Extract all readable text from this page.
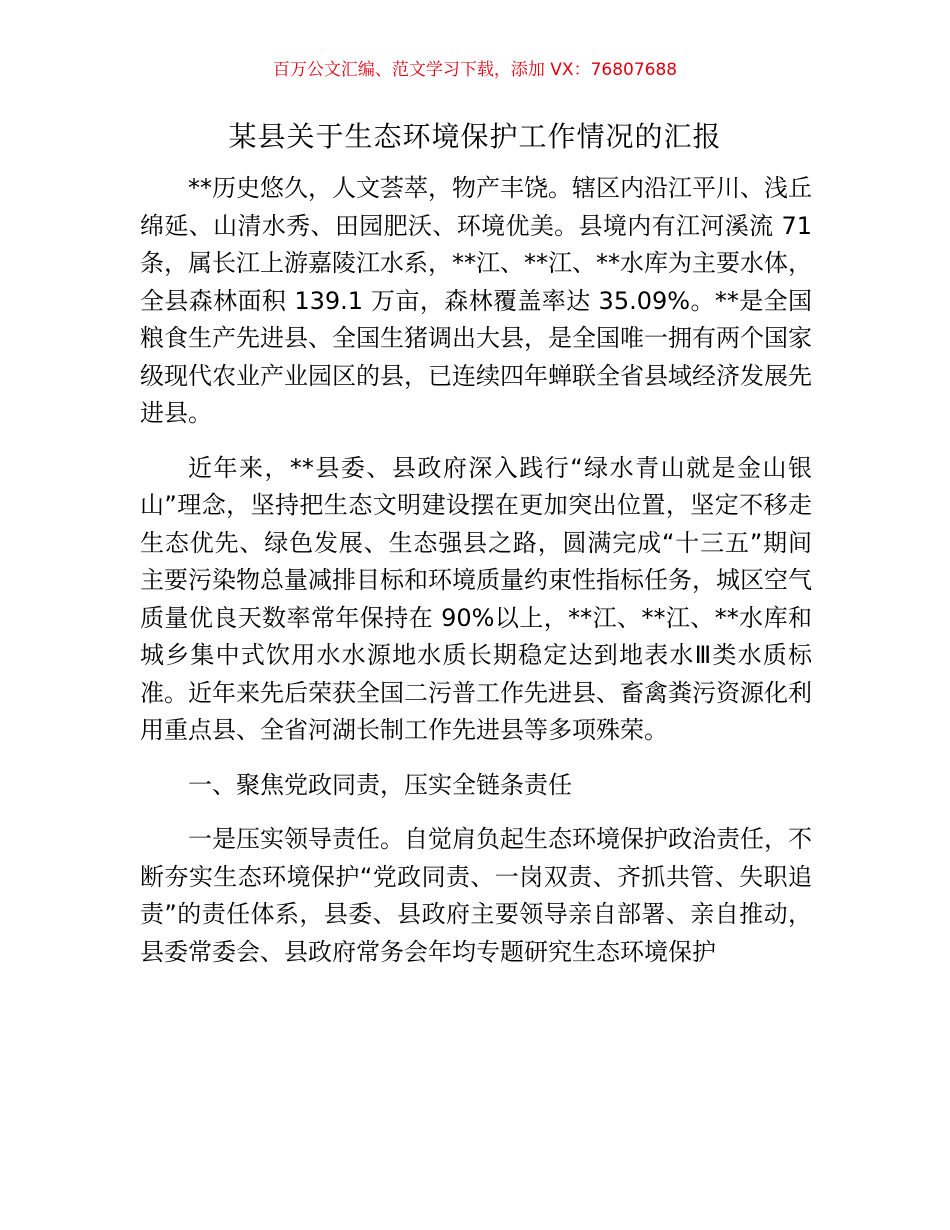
百万公文汇编、范文学习下载，添加 VX：76807688
某县关于生态环境保护工作情况的汇报

**历史悠久，人文荟萃，物产丰饶。辖区内沿江平川、浅丘绵延、山清水秀、田园肥沃、环境优美。县境内有江河溪流 71 条，属长江上游嘉陵江水系，**江、**江、**水库为主要水体，全县森林面积 139.1 万亩，森林覆盖率达 35.09%。**是全国粮食生产先进县、全国生猪调出大县，是全国唯一拥有两个国家级现代农业产业园区的县，已连续四年蝉联全省县域经济发展先进县。

近年来，**县委、县政府深入践行“绿水青山就是金山银山”理念，坚持把生态文明建设摆在更加突出位置，坚定不移走生态优先、绿色发展、生态强县之路，圆满完成“十三五”期间主要污染物总量减排目标和环境质量约束性指标任务，城区空气质量优良天数率常年保持在 90%以上，**江、**江、**水库和城乡集中式饮用水水源地水质长期稳定达到地表水Ⅲ类水质标准。近年来先后荣获全国二污普工作先进县、畜禽粪污资源化利用重点县、全省河湖长制工作先进县等多项殊荣。

一、聚焦党政同责，压实全链条责任

一是压实领导责任。自觉肩负起生态环境保护政治责任，不断夯实生态环境保护“党政同责、一岗双责、齐抓共管、失职追责”的责任体系，县委、县政府主要领导亲自部署、亲自推动，县委常委会、县政府常务会年均专题研究生态环境保护
